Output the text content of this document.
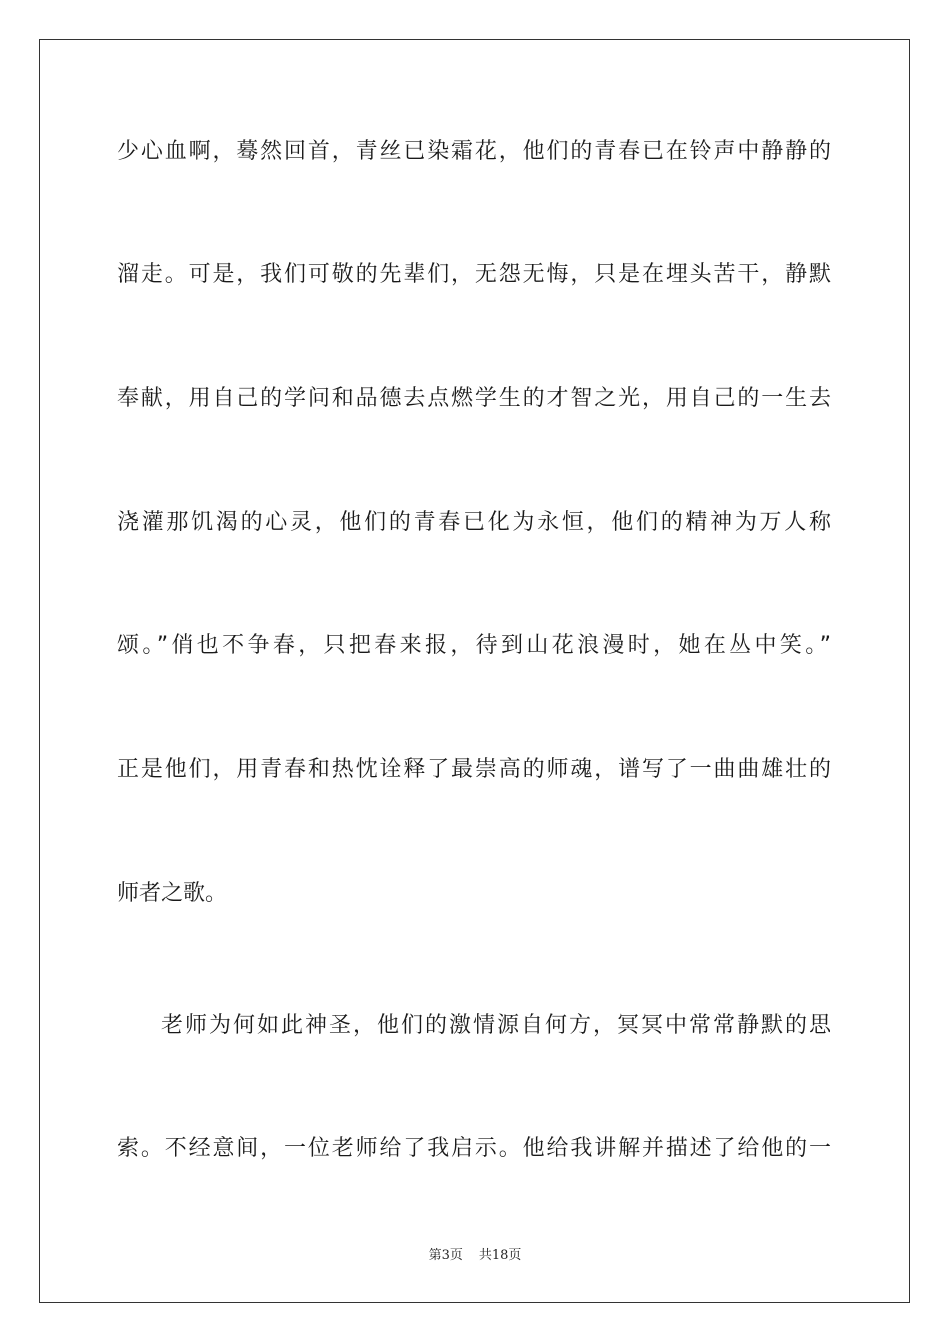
少心血啊，蓦然回首，青丝已染霜花，他们的青春已在铃声中静静的
溜走。可是，我们可敬的先辈们，无怨无悔，只是在埋头苦干，静默
奉献，用自己的学问和品德去点燃学生的才智之光，用自己的一生去
浇灌那饥渴的心灵，他们的青春已化为永恒，他们的精神为万人称
颂。”俏也不争春，只把春来报，待到山花浪漫时，她在丛中笑。”
正是他们，用青春和热忱诠释了最崇高的师魂，谱写了一曲曲雄壮的
师者之歌。
老师为何如此神圣，他们的激情源自何方，冥冥中常常静默的思
索。不经意间，一位老师给了我启示。他给我讲解并描述了给他的一
第3页 共18页
